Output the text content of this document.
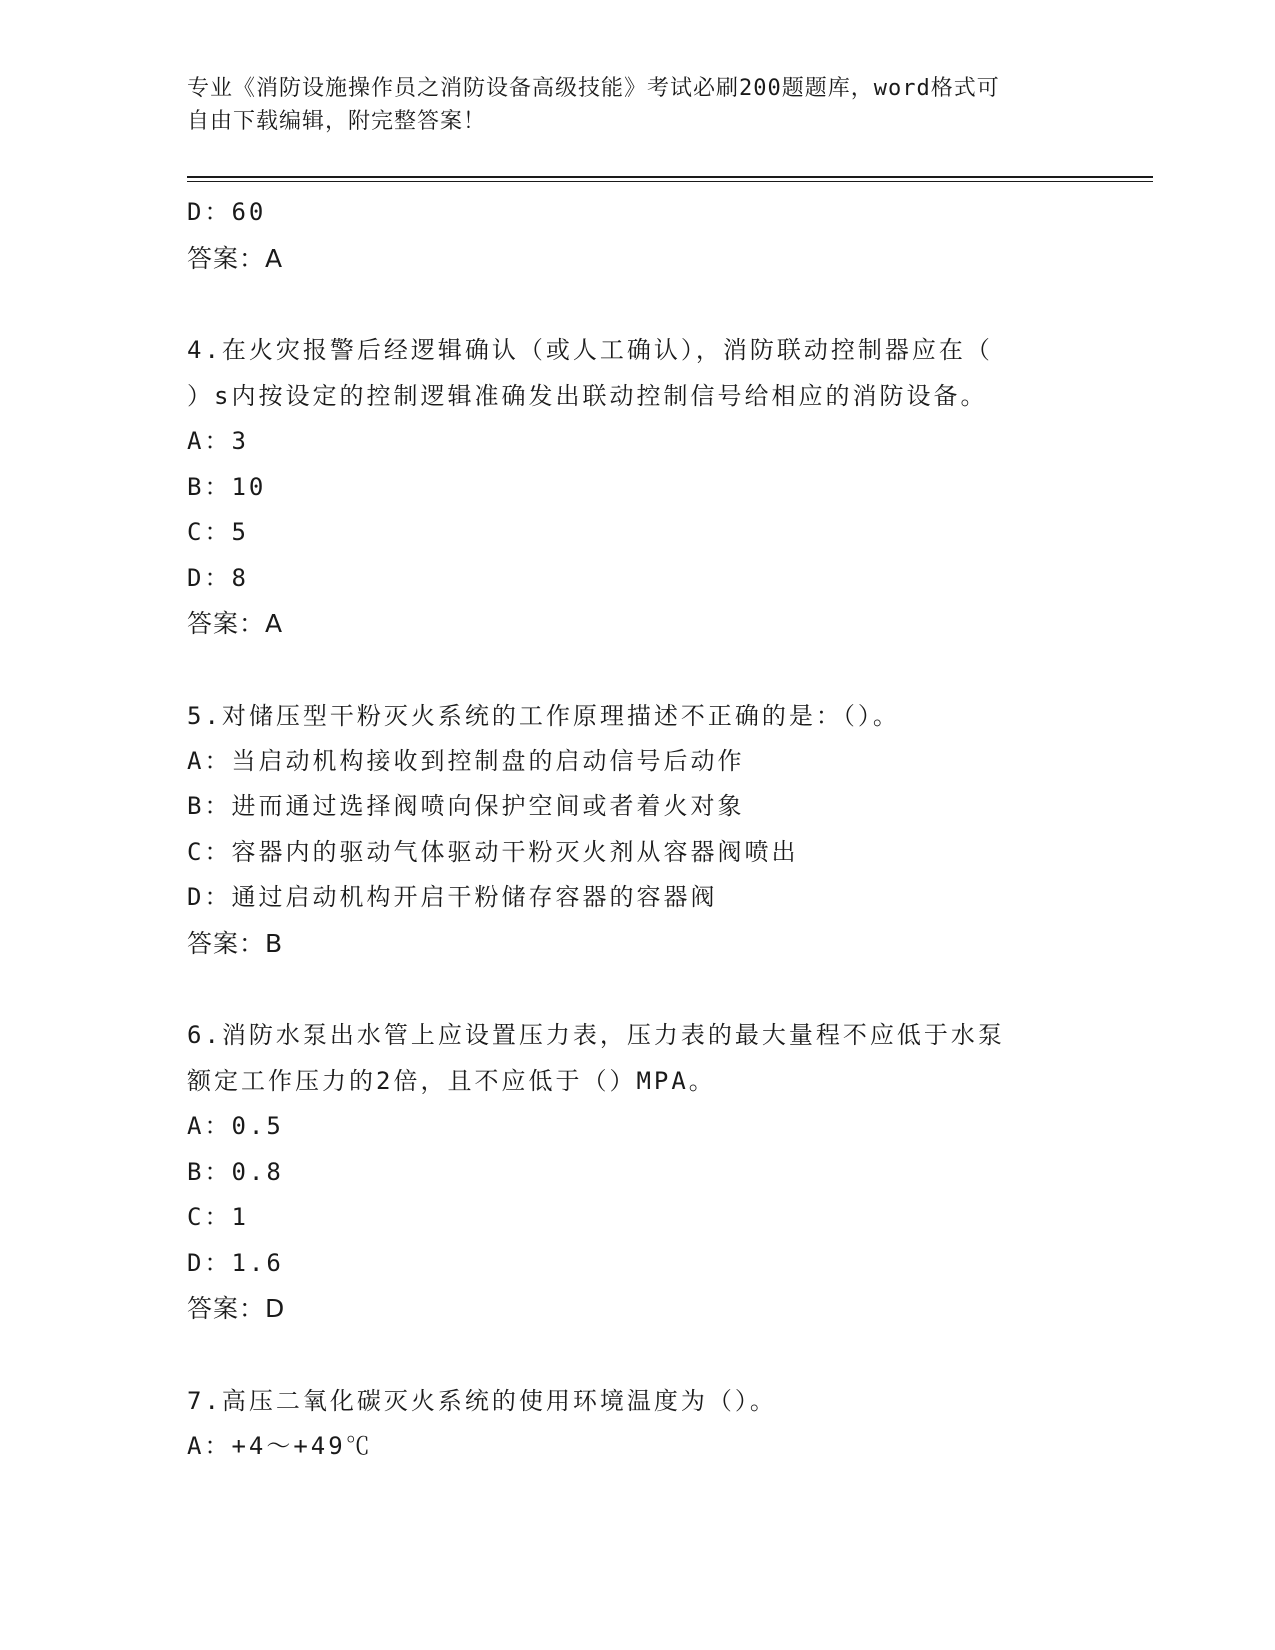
专业《消防设施操作员之消防设备高级技能》考试必刷200题题库，word格式可
自由下载编辑，附完整答案！
D：60
答案：A
4.在火灾报警后经逻辑确认（或人工确认），消防联动控制器应在（
）s内按设定的控制逻辑准确发出联动控制信号给相应的消防设备。
A：3
B：10
C：5
D：8
答案：A
5.对储压型干粉灭火系统的工作原理描述不正确的是：（）。
A：当启动机构接收到控制盘的启动信号后动作
B：进而通过选择阀喷向保护空间或者着火对象
C：容器内的驱动气体驱动干粉灭火剂从容器阀喷出
D：通过启动机构开启干粉储存容器的容器阀
答案：B
6.消防水泵出水管上应设置压力表，压力表的最大量程不应低于水泵
额定工作压力的2倍，且不应低于（）MPA。
A：0.5
B：0.8
C：1
D：1.6
答案：D
7.高压二氧化碳灭火系统的使用环境温度为（）。
A：+4～+49℃
